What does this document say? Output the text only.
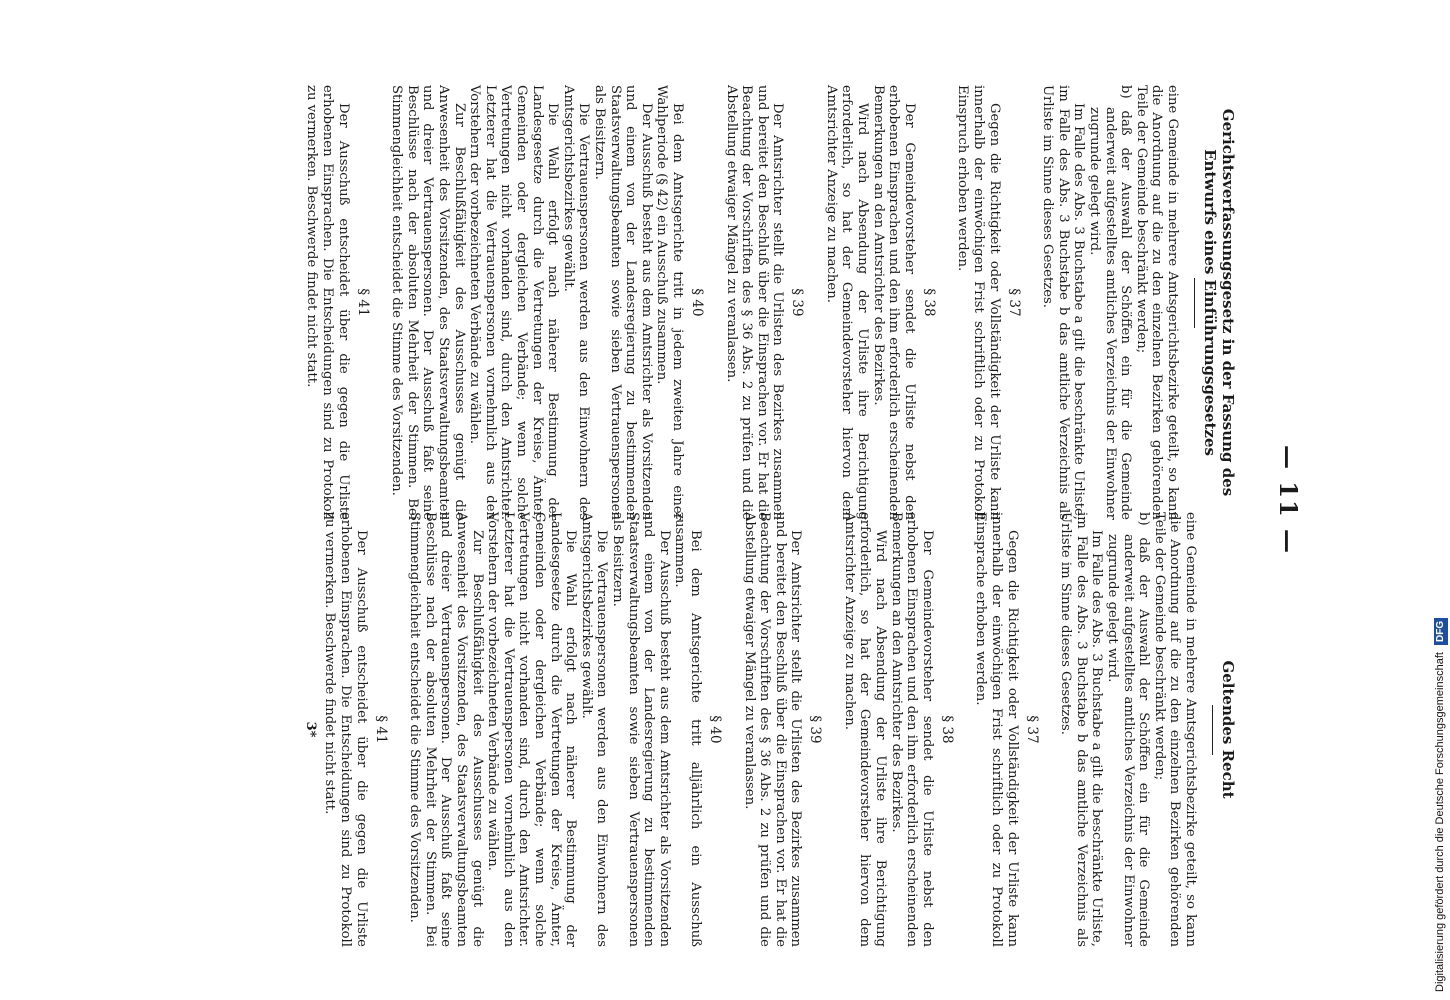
— 11 —
Gerichtsverfassungsgesetz in der Fassung des Entwurfs eines Einführungsgesetzes

eine Gemeinde in mehrere Amtsgerichtsbezirke geteilt, so kann die Anordnung auf die zu den einzelnen Bezirken gehörenden Teile der Gemeinde beschränkt werden;

b) daß der Auswahl der Schöffen ein für die Gemeinde anderweit aufgestelltes amtliches Verzeichnis der Einwohner zugrunde gelegt wird.

Im Falle des Abs. 3 Buchstabe a gilt die beschränkte Urliste, im Falle des Abs. 3 Buchstabe b das amtliche Verzeichnis als Urliste im Sinne dieses Gesetzes.

§ 37

Gegen die Richtigkeit oder Vollständigkeit der Urliste kann innerhalb der einwöchigen Frist schriftlich oder zu Protokoll Einspruch erhoben werden.

§ 38

Der Gemeindevorsteher sendet die Urliste nebst den erhobenen Einsprachen und den ihm erforderlich erscheinenden Bemerkungen an den Amtsrichter des Bezirkes.

Wird nach Absendung der Urliste ihre Berichtigung erforderlich, so hat der Gemeindevorsteher hiervon dem Amtsrichter Anzeige zu machen.

§ 39

Der Amtsrichter stellt die Urlisten des Bezirkes zusammen und bereitet den Beschluß über die Einsprachen vor. Er hat die Beachtung der Vorschriften des § 36 Abs. 2 zu prüfen und die Abstellung etwaiger Mängel zu veranlassen.

§ 40

Bei dem Amtsgerichte tritt in jedem zweiten Jahre einer Wahlperiode (§ 42) ein Ausschuß zusammen.

Der Ausschuß besteht aus dem Amtsrichter als Vorsitzenden und einem von der Landesregierung zu bestimmenden Staatsverwaltungsbeamten sowie sieben Vertrauenspersonen als Beisitzern.

Die Vertrauenspersonen werden aus den Einwohnern des Amtsgerichtsbezirkes gewählt.

Die Wahl erfolgt nach näherer Bestimmung der Landesgesetze durch die Vertretungen der Kreise, Ämter, Gemeinden oder dergleichen Verbände; wenn solche Vertretungen nicht vorhanden sind, durch den Amtsrichter. Letzterer hat die Vertrauenspersonen vornehmlich aus den Vorstehern der vorbezeichneten Verbände zu wählen.

Zur Beschlußfähigkeit des Ausschusses genügt die Anwesenheit des Vorsitzenden, des Staatsverwaltungsbeamten und dreier Vertrauenspersonen. Der Ausschuß faßt seine Beschlüsse nach der absoluten Mehrheit der Stimmen. Bei Stimmengleichheit entscheidet die Stimme des Vorsitzenden.

§ 41

Der Ausschuß entscheidet über die gegen die Urliste erhobenen Einsprachen. Die Entscheidungen sind zu Protokoll zu vermerken. Beschwerde findet nicht statt.

Geltendes Recht

eine Gemeinde in mehrere Amtsgerichtsbezirke geteilt, so kann die Anordnung auf die zu den einzelnen Bezirken gehörenden Teile der Gemeinde beschränkt werden;

b) daß der Auswahl der Schöffen ein für die Gemeinde anderweit aufgestelltes amtliches Verzeichnis der Einwohner zugrunde gelegt wird.

Im Falle des Abs. 3 Buchstabe a gilt die beschränkte Urliste, im Falle des Abs. 3 Buchstabe b das amtliche Verzeichnis als Urliste im Sinne dieses Gesetzes.

§ 37

Gegen die Richtigkeit oder Vollständigkeit der Urliste kann innerhalb der einwöchigen Frist schriftlich oder zu Protokoll Einsprache erhoben werden.

§ 38

Der Gemeindevorsteher sendet die Urliste nebst den erhobenen Einsprachen und den ihm erforderlich erscheinenden Bemerkungen an den Amtsrichter des Bezirkes.

Wird nach Absendung der Urliste ihre Berichtigung erforderlich, so hat der Gemeindevorsteher hiervon dem Amtsrichter Anzeige zu machen.

§ 39

Der Amtsrichter stellt die Urlisten des Bezirkes zusammen und bereitet den Beschluß über die Einsprachen vor. Er hat die Beachtung der Vorschriften des § 36 Abs. 2 zu prüfen und die Abstellung etwaiger Mängel zu veranlassen.

§ 40

Bei dem Amtsgerichte tritt alljährlich ein Ausschuß zusammen.

Der Ausschuß besteht aus dem Amtsrichter als Vorsitzenden und einem von der Landesregierung zu bestimmenden Staatsverwaltungsbeamten sowie sieben Vertrauenspersonen als Beisitzern.

Die Vertrauenspersonen werden aus den Einwohnern des Amtsgerichtsbezirkes gewählt.

Die Wahl erfolgt nach näherer Bestimmung der Landesgesetze durch die Vertretungen der Kreise, Ämter, Gemeinden oder dergleichen Verbände; wenn solche Vertretungen nicht vorhanden sind, durch den Amtsrichter. Letzterer hat die Vertrauenspersonen vornehmlich aus den Vorstehern der vorbezeichneten Verbände zu wählen.

Zur Beschlußfähigkeit des Ausschusses genügt die Anwesenheit des Vorsitzenden, des Staatsverwaltungsbeamten und dreier Vertrauenspersonen. Der Ausschuß faßt seine Beschlüsse nach der absoluten Mehrheit der Stimmen. Bei Stimmengleichheit entscheidet die Stimme des Vorsitzenden.

§ 41

Der Ausschuß entscheidet über die gegen die Urliste erhobenen Einsprachen. Die Entscheidungen sind zu Protokoll zu vermerken. Beschwerde findet nicht statt.

3*	Digitalisierung gefördert durch die Deutsche Forschungsgemeinschaft DFG
